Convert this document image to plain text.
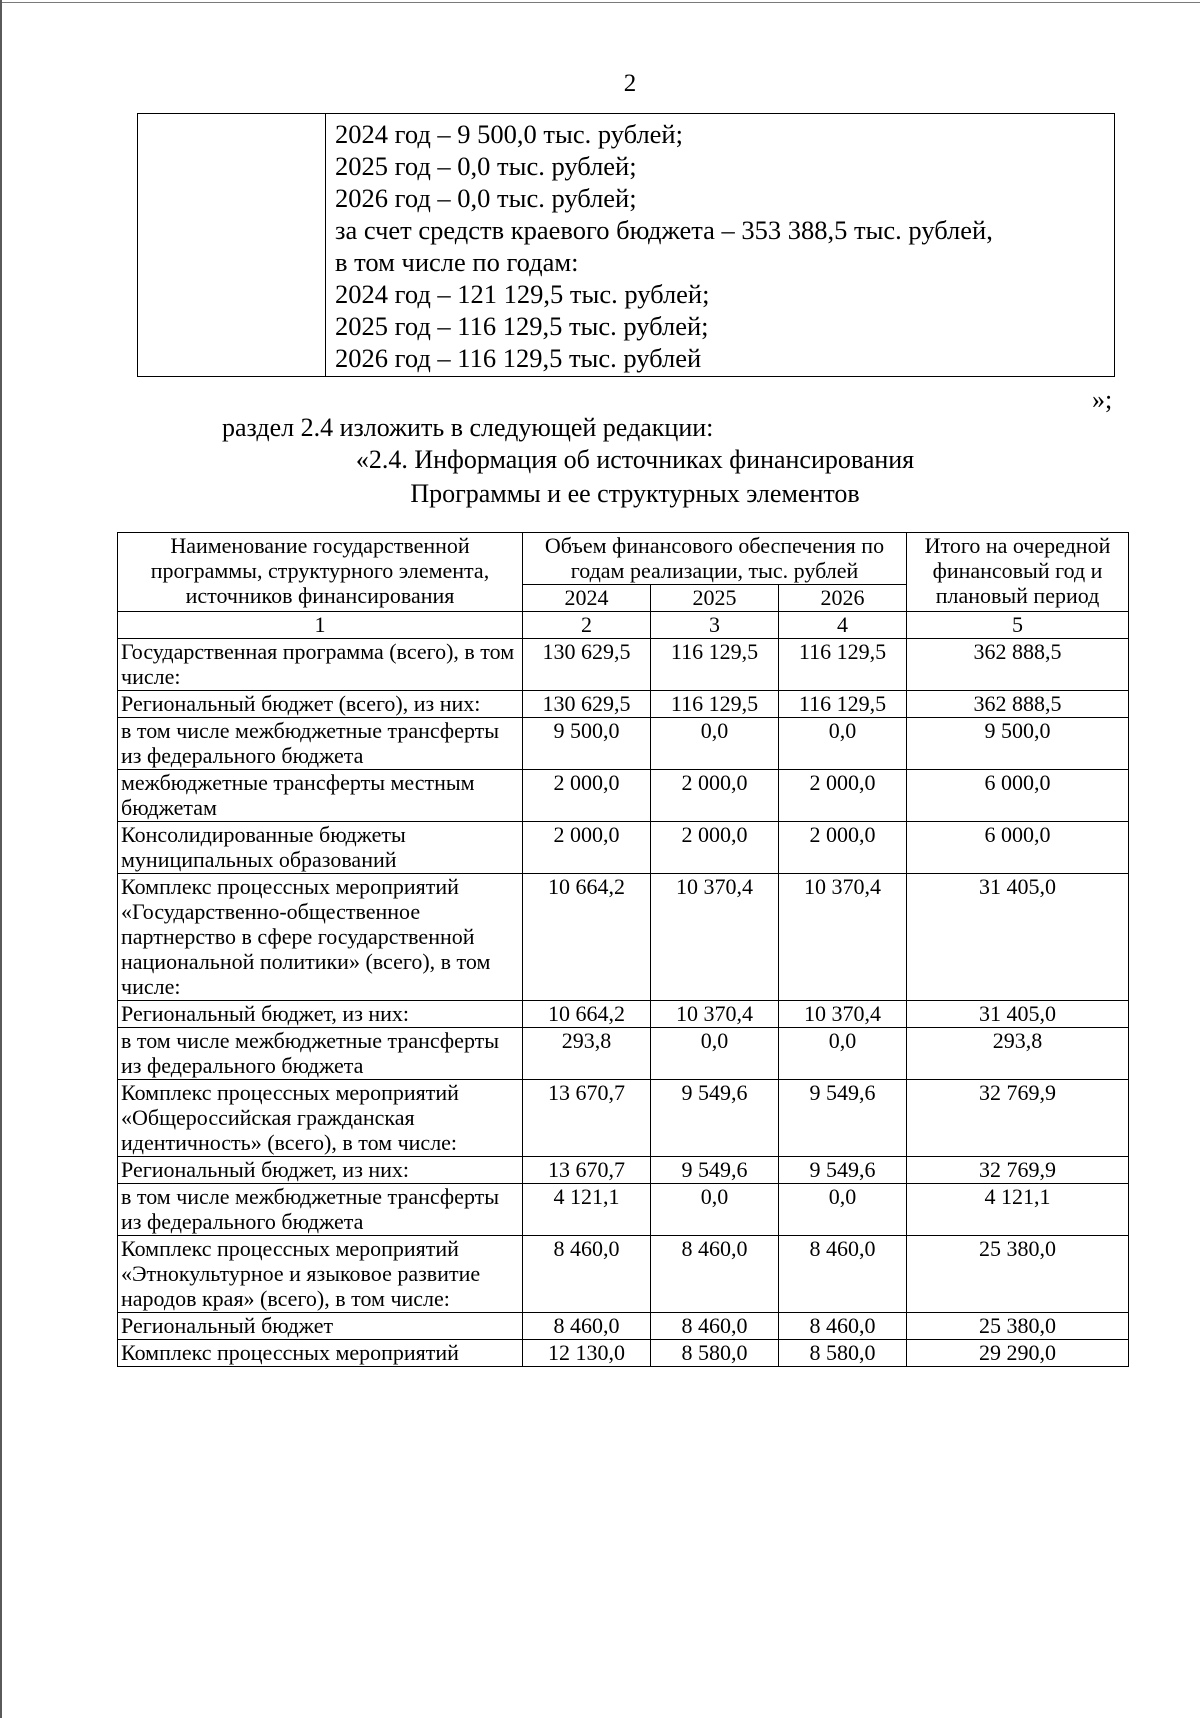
2
2024 год – 9 500,0 тыс. рублей;
2025 год – 0,0 тыс. рублей;
2026 год – 0,0 тыс. рублей;
за счет средств краевого бюджета – 353 388,5 тыс. рублей,
в том числе по годам:
2024 год – 121 129,5 тыс. рублей;
2025 год – 116 129,5 тыс. рублей;
2026 год – 116 129,5 тыс. рублей
»;
раздел 2.4 изложить в следующей редакции:
«2.4. Информация об источниках финансирования
Программы и ее структурных элементов
Наименование государственной программы, структурного элемента, источников финансирования	Объем финансового обеспечения по годам реализации, тыс. рублей			Итого на очередной финансовый год и плановый период
	2024	2025	2026	
1	2	3	4	5
Государственная программа (всего), в том числе:	130 629,5	116 129,5	116 129,5	362 888,5
Региональный бюджет (всего), из них:	130 629,5	116 129,5	116 129,5	362 888,5
в том числе межбюджетные трансферты из федерального бюджета	9 500,0	0,0	0,0	9 500,0
межбюджетные трансферты местным бюджетам	2 000,0	2 000,0	2 000,0	6 000,0
Консолидированные бюджеты муниципальных образований	2 000,0	2 000,0	2 000,0	6 000,0
Комплекс процессных мероприятий «Государственно-общественное партнерство в сфере государственной национальной политики» (всего), в том числе:	10 664,2	10 370,4	10 370,4	31 405,0
Региональный бюджет, из них:	10 664,2	10 370,4	10 370,4	31 405,0
в том числе межбюджетные трансферты из федерального бюджета	293,8	0,0	0,0	293,8
Комплекс процессных мероприятий «Общероссийская гражданская идентичность» (всего), в том числе:	13 670,7	9 549,6	9 549,6	32 769,9
Региональный бюджет, из них:	13 670,7	9 549,6	9 549,6	32 769,9
в том числе межбюджетные трансферты из федерального бюджета	4 121,1	0,0	0,0	4 121,1
Комплекс процессных мероприятий «Этнокультурное и языковое развитие народов края» (всего), в том числе:	8 460,0	8 460,0	8 460,0	25 380,0
Региональный бюджет	8 460,0	8 460,0	8 460,0	25 380,0
Комплекс процессных мероприятий	12 130,0	8 580,0	8 580,0	29 290,0
